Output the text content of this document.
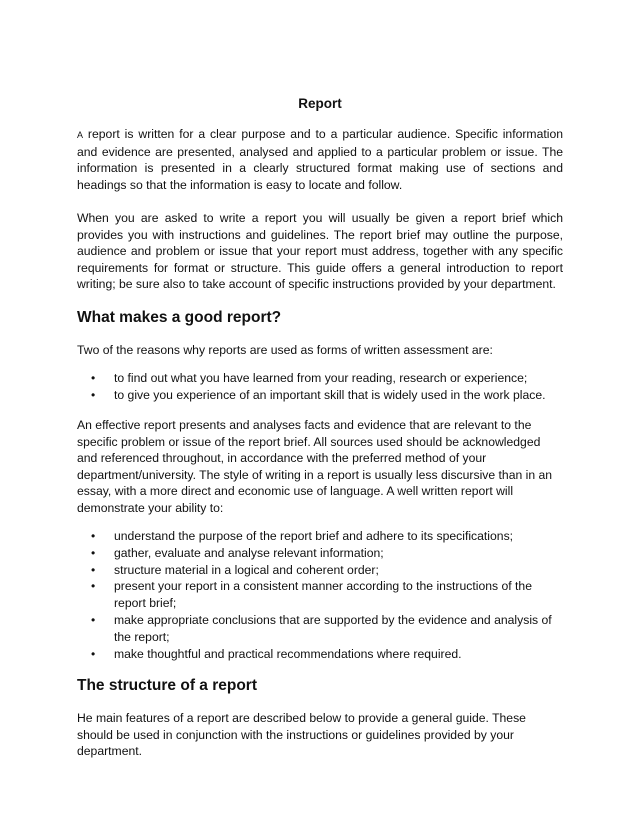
Report

A report is written for a clear purpose and to a particular audience. Specific information and evidence are presented, analysed and applied to a particular problem or issue. The information is presented in a clearly structured format making use of sections and headings so that the information is easy to locate and follow.

When you are asked to write a report you will usually be given a report brief which provides you with instructions and guidelines. The report brief may outline the purpose, audience and problem or issue that your report must address, together with any specific requirements for format or structure. This guide offers a general introduction to report writing; be sure also to take account of specific instructions provided by your department.

What makes a good report?

Two of the reasons why reports are used as forms of written assessment are:

• to find out what you have learned from your reading, research or experience;
• to give you experience of an important skill that is widely used in the work place.

An effective report presents and analyses facts and evidence that are relevant to the specific problem or issue of the report brief. All sources used should be acknowledged and referenced throughout, in accordance with the preferred method of your department/university. The style of writing in a report is usually less discursive than in an essay, with a more direct and economic use of language. A well written report will demonstrate your ability to:

• understand the purpose of the report brief and adhere to its specifications;
• gather, evaluate and analyse relevant information;
• structure material in a logical and coherent order;
• present your report in a consistent manner according to the instructions of the report brief;
• make appropriate conclusions that are supported by the evidence and analysis of the report;
• make thoughtful and practical recommendations where required.
The structure of a report

He main features of a report are described below to provide a general guide. These should be used in conjunction with the instructions or guidelines provided by your department.
